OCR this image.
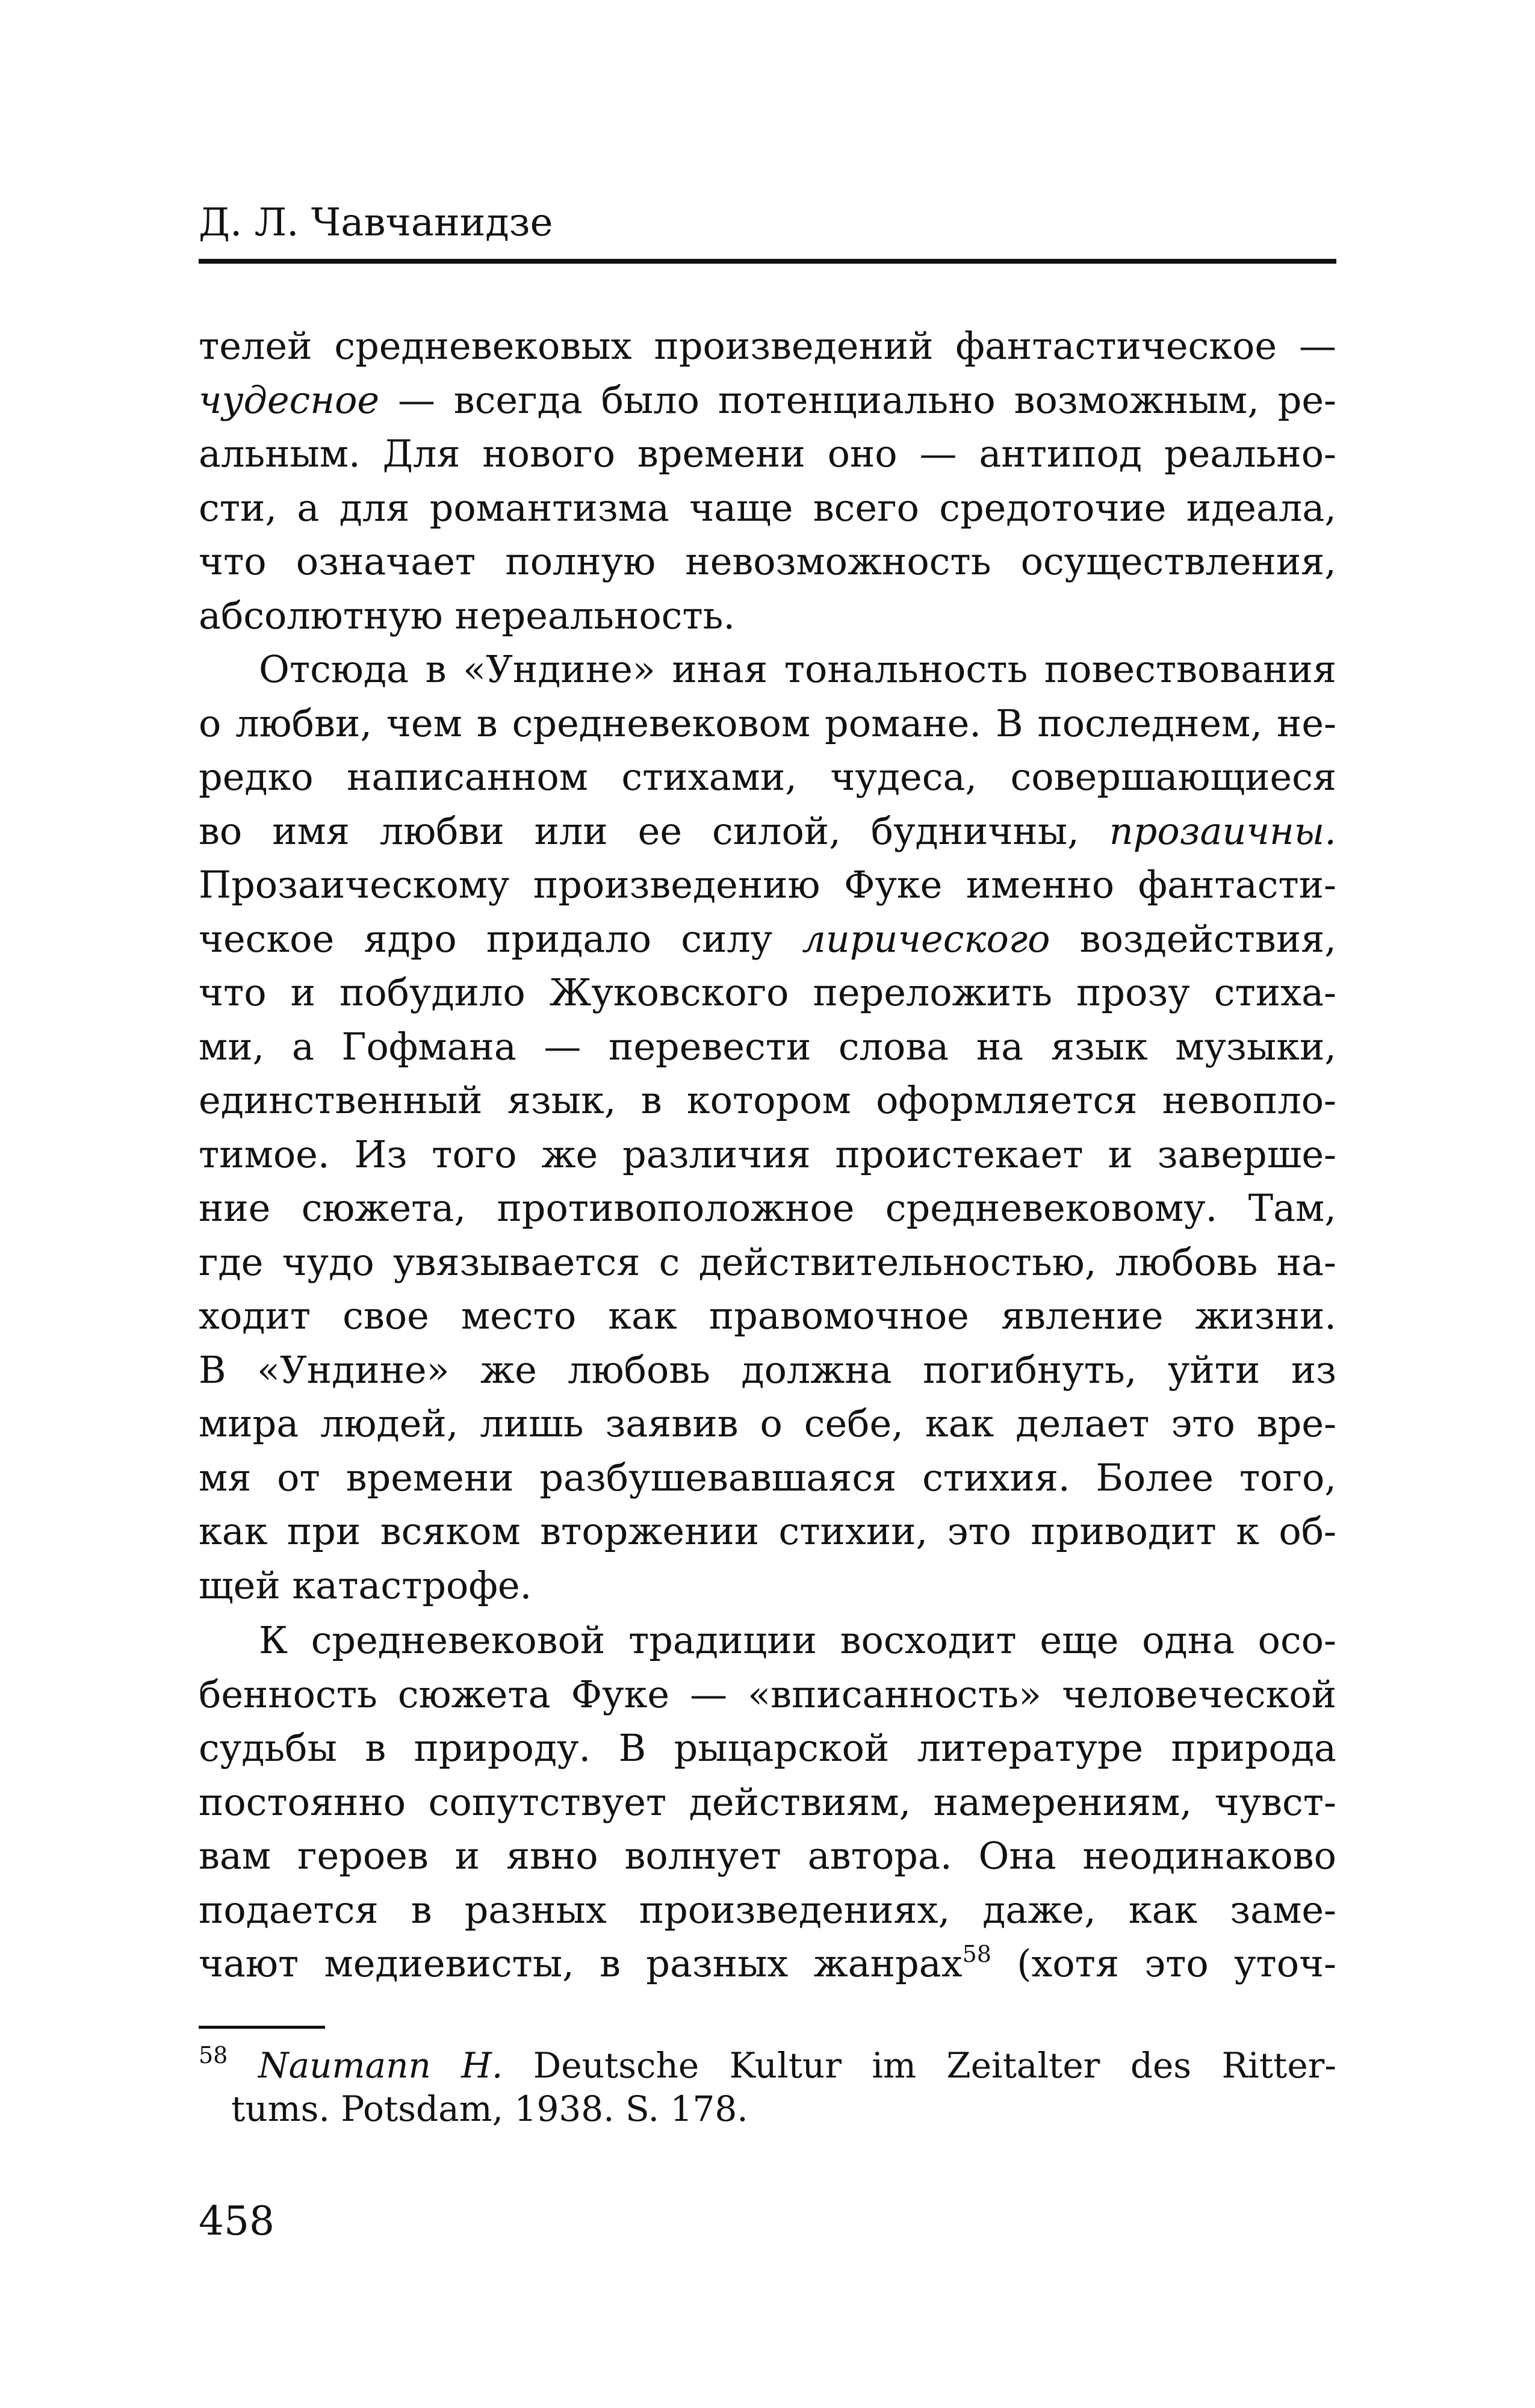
Д. Л. Чавчанидзе
телей средневековых произведений фантастическое —
чудесное — всегда было потенциально возможным, ре-
альным. Для нового времени оно — антипод реально-
сти, а для романтизма чаще всего средоточие идеала,
что означает полную невозможность осуществления,
абсолютную нереальность.
Отсюда в «Ундине» иная тональность повествования
о любви, чем в средневековом романе. В последнем, не-
редко написанном стихами, чудеса, совершающиеся
во имя любви или ее силой, будничны, прозаичны.
Прозаическому произведению Фуке именно фантасти-
ческое ядро придало силу лирического воздействия,
что и побудило Жуковского переложить прозу стиха-
ми, а Гофмана — перевести слова на язык музыки,
единственный язык, в котором оформляется невопло-
тимое. Из того же различия проистекает и заверше-
ние сюжета, противоположное средневековому. Там,
где чудо увязывается с действительностью, любовь на-
ходит свое место как правомочное явление жизни.
В «Ундине» же любовь должна погибнуть, уйти из
мира людей, лишь заявив о себе, как делает это вре-
мя от времени разбушевавшаяся стихия. Более того,
как при всяком вторжении стихии, это приводит к об-
щей катастрофе.
К средневековой традиции восходит еще одна осо-
бенность сюжета Фуке — «вписанность» человеческой
судьбы в природу. В рыцарской литературе природа
постоянно сопутствует действиям, намерениям, чувст-
вам героев и явно волнует автора. Она неодинаково
подается в разных произведениях, даже, как заме-
чают медиевисты, в разных жанрах$^{58}$ (хотя это уточ-
$^{58}$ Naumann H. Deutsche Kultur im Zeitalter des Ritter-
tums. Potsdam, 1938. S. 178.
458
